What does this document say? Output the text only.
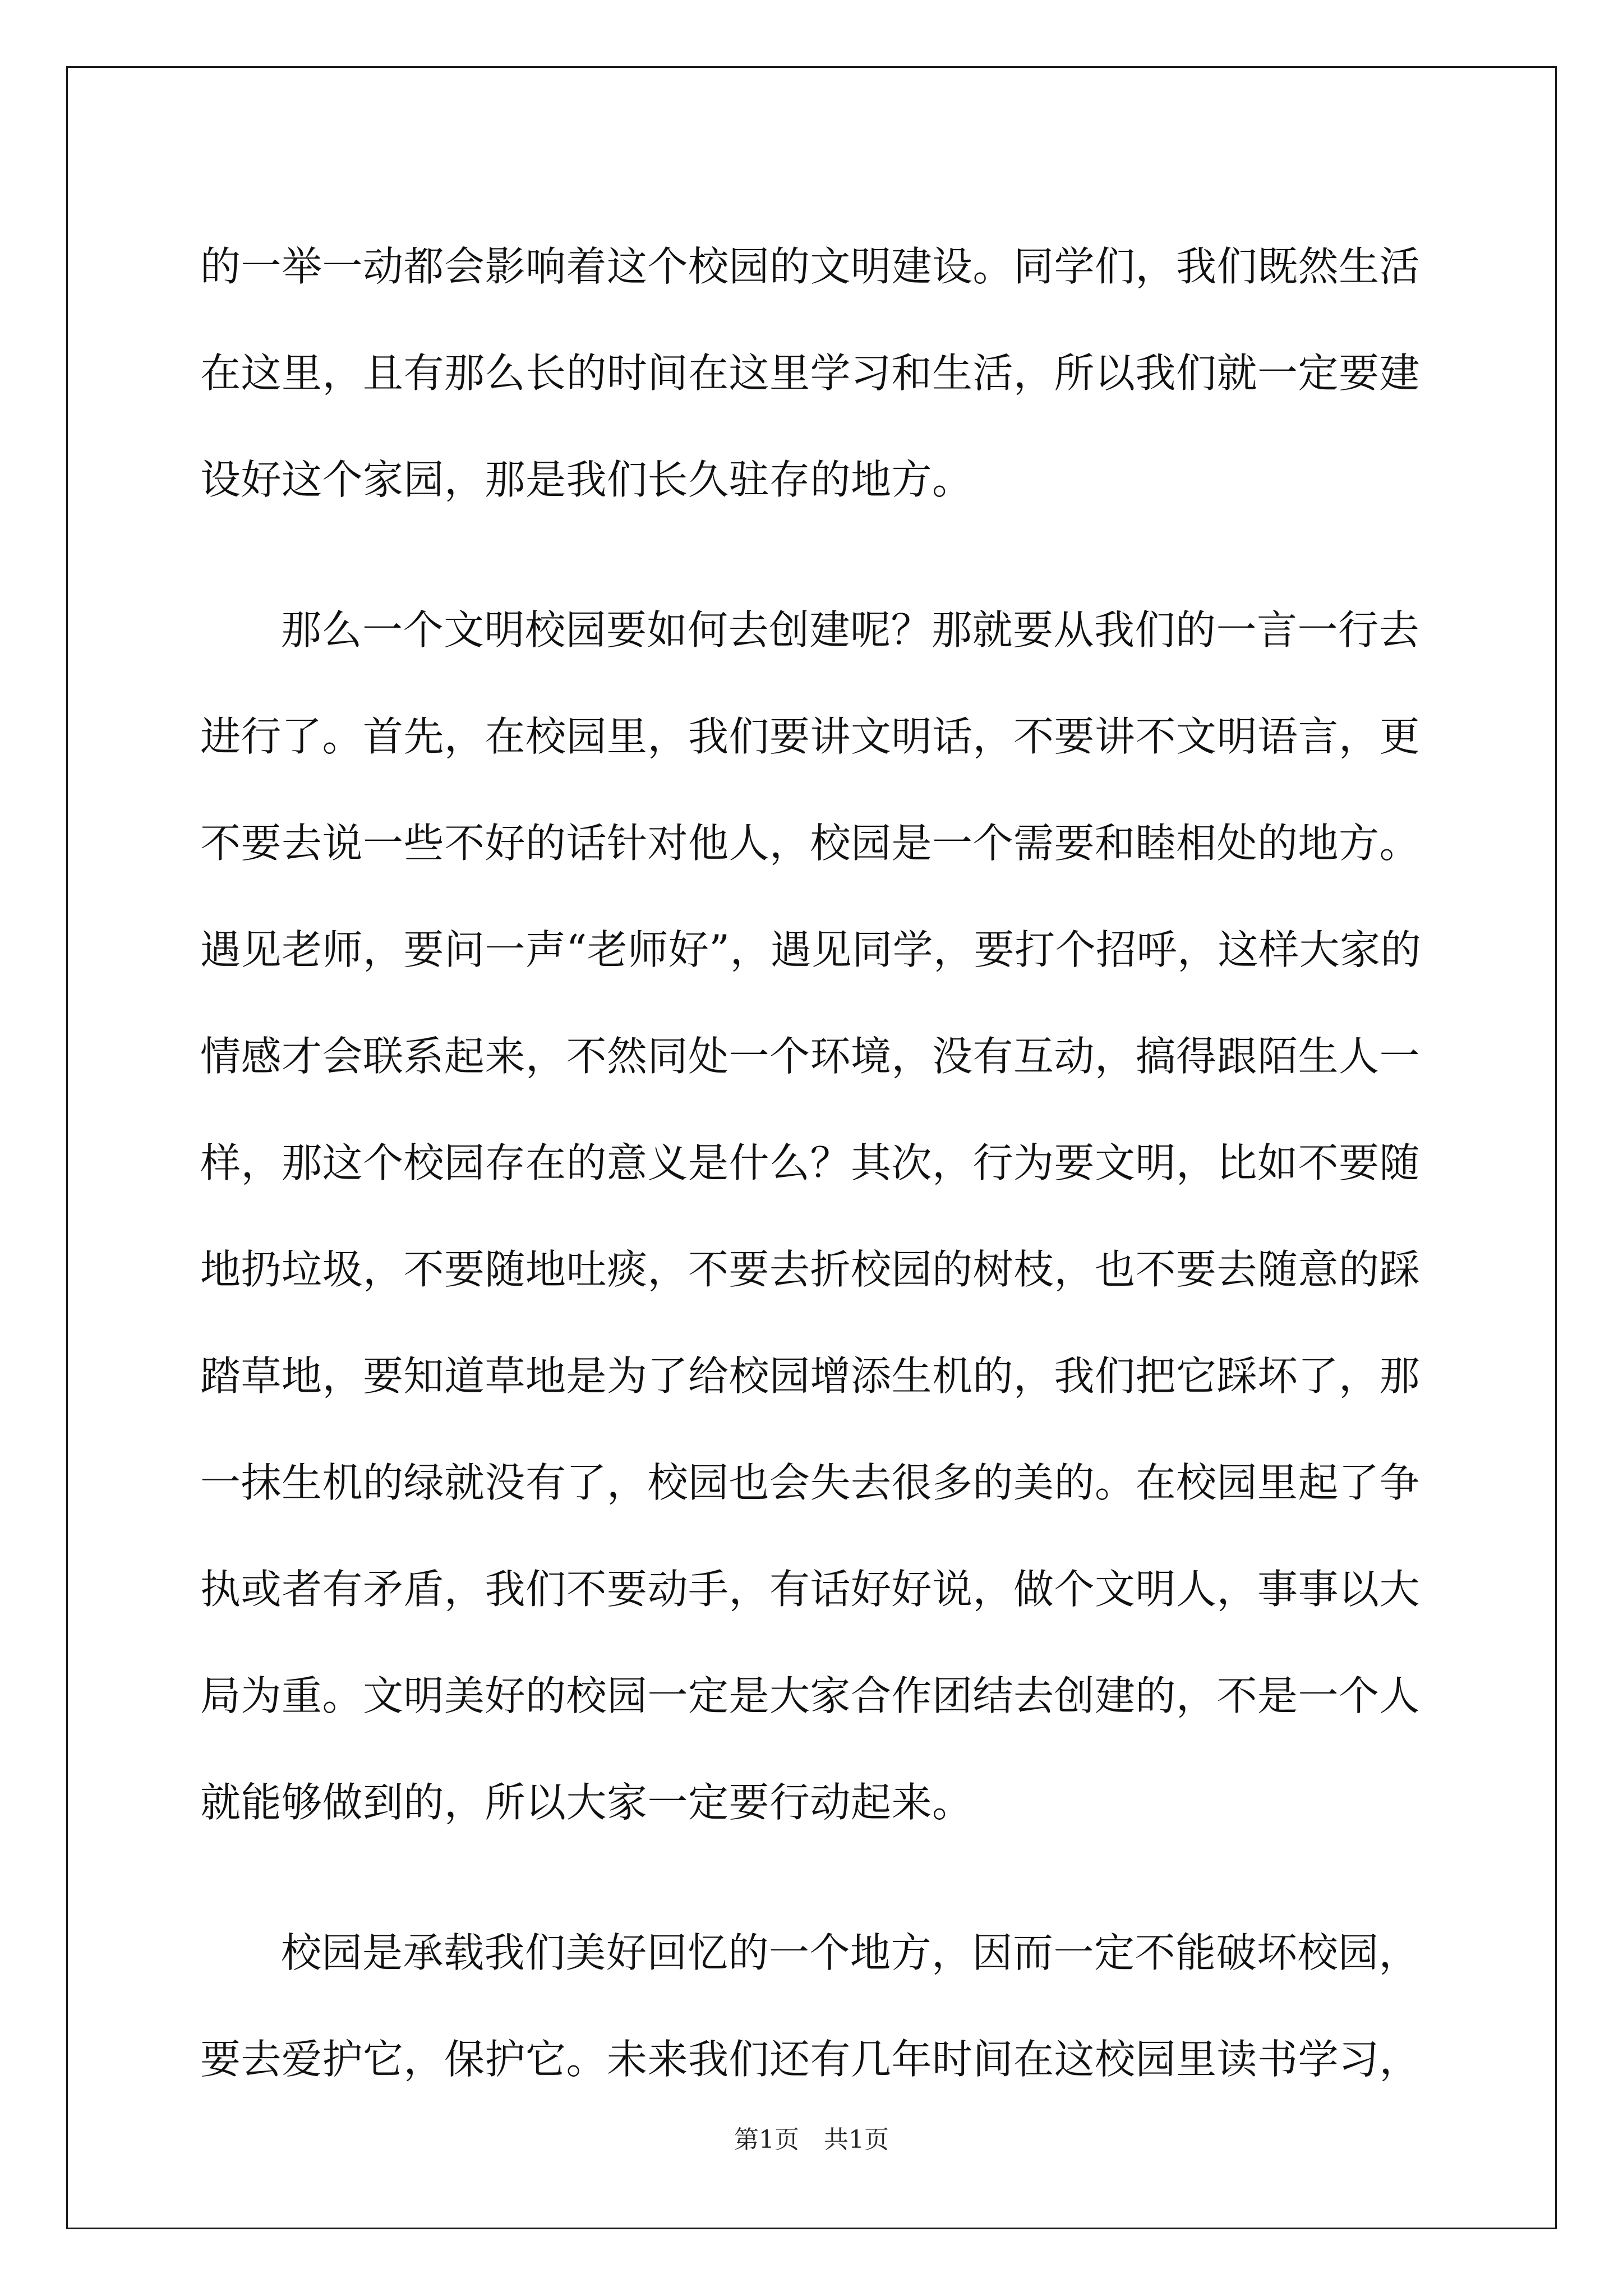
的一举一动都会影响着这个校园的文明建设。同学们，我们既然生活
在这里，且有那么长的时间在这里学习和生活，所以我们就一定要建
设好这个家园，那是我们长久驻存的地方。
那么一个文明校园要如何去创建呢？那就要从我们的一言一行去
进行了。首先，在校园里，我们要讲文明话，不要讲不文明语言，更
不要去说一些不好的话针对他人，校园是一个需要和睦相处的地方。
遇见老师，要问一声“老师好”，遇见同学，要打个招呼，这样大家的
情感才会联系起来，不然同处一个环境，没有互动，搞得跟陌生人一
样，那这个校园存在的意义是什么？其次，行为要文明，比如不要随
地扔垃圾，不要随地吐痰，不要去折校园的树枝，也不要去随意的踩
踏草地，要知道草地是为了给校园增添生机的，我们把它踩坏了，那
一抹生机的绿就没有了，校园也会失去很多的美的。在校园里起了争
执或者有矛盾，我们不要动手，有话好好说，做个文明人，事事以大
局为重。文明美好的校园一定是大家合作团结去创建的，不是一个人
就能够做到的，所以大家一定要行动起来。
校园是承载我们美好回忆的一个地方，因而一定不能破坏校园，
要去爱护它，保护它。未来我们还有几年时间在这校园里读书学习，
第1页　共1页
